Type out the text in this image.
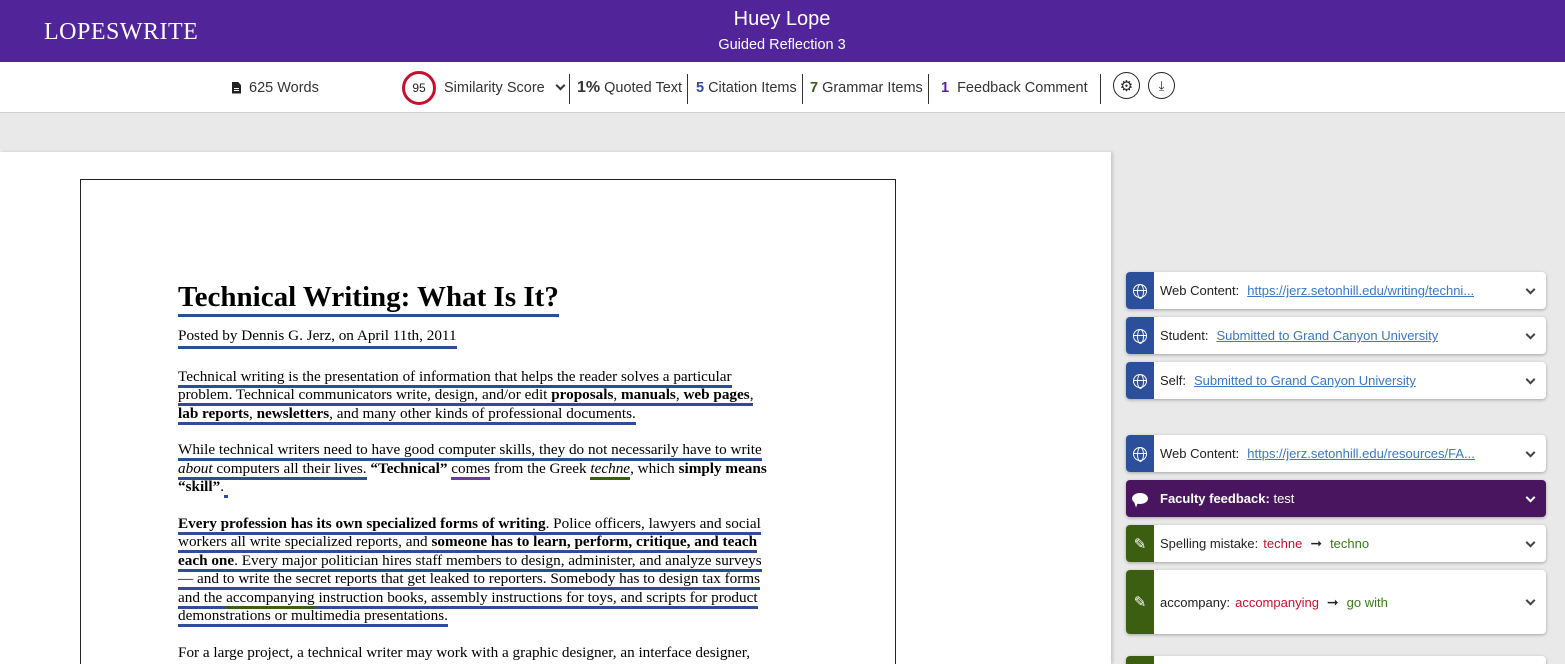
LOPESWRITE	Huey Lope
Guided Reflection 3
625 Words	95 Similarity Score 1% Quoted Text 5 Citation Items 7 Grammar Items 1 Feedback Comment ⚙ ⤓
Technical Writing: What Is It?
Posted by Dennis G. Jerz, on April 11th, 2011
Technical writing is the presentation of information that helps the reader solves a particular
problem. Technical communicators write, design, and/or edit proposals, manuals, web pages,
lab reports, newsletters, and many other kinds of professional documents.
While technical writers need to have good computer skills, they do not necessarily have to write
about computers all their lives. “Technical” comes from the Greek techne, which simply means
“skill”.
Every profession has its own specialized forms of writing. Police officers, lawyers and social
workers all write specialized reports, and someone has to learn, perform, critique, and teach
each one. Every major politician hires staff members to design, administer, and analyze surveys
— and to write the secret reports that get leaked to reporters. Somebody has to design tax forms
and the accompanying instruction books, assembly instructions for toys, and scripts for product
demonstrations or multimedia presentations.
For a large project, a technical writer may work with a graphic designer, an interface designer,
Web Content: https://jerz.setonhill.edu/writing/techni...
Student: Submitted to Grand Canyon University
Self: Submitted to Grand Canyon University
Web Content: https://jerz.setonhill.edu/resources/FA...
Faculty feedback: test
✎ Spelling mistake: techne ➞ techno
✎ accompany: accompanying ➞ go with
